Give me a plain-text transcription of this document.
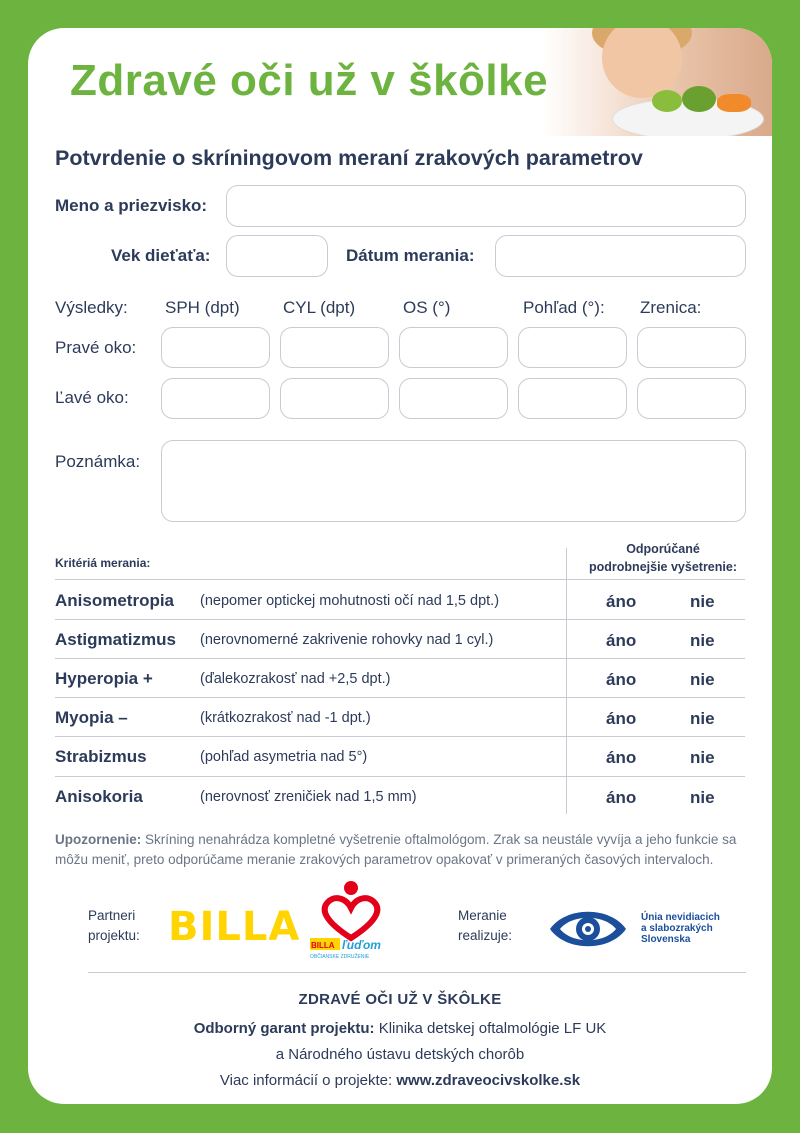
Zdravé oči už v škôlke
Potvrdenie o skríningovom meraní zrakových parametrov
Meno a priezvisko:
Vek dieťaťa:	Dátum merania:
Výsledky: SPH (dpt)	CYL (dpt)	OS (°)	Pohľad (°): Zrenica:
Pravé oko:
Ľavé oko:
Poznámka:
Kritériá merania:
Odporúčané
podrobnejšie vyšetrenie:
Anisometropia (nepomer optickej mohutnosti očí nad 1,5 dpt.)	áno	nie
Astigmatizmus (nerovnomerné zakrivenie rohovky nad 1 cyl.)	áno	nie
Hyperopia +	(ďalekozrakosť nad +2,5 dpt.)	áno	nie
Myopia –	(krátkozrakosť nad -1 dpt.)	áno	nie
Strabizmus	(pohľad asymetria nad 5°)	áno	nie
Anisokoria	(nerovnosť zreničiek nad 1,5 mm)	áno	nie
Upozornenie: Skríning nenahrádza kompletné vyšetrenie oftalmológom. Zrak sa neustále vyvíja a jeho funkcie sa môžu meniť, preto odporúčame meranie zrakových parametrov opakovať v primeraných časových intervaloch.
Partneri
projektu: BILLA BILLA ľuďom
OBČIANSKE ZDRUŽENIE
Meranie
realizuje:
Únia nevidiacich
a slabozrakých
Slovenska
ZDRAVÉ OČI UŽ V ŠKÔLKE
Odborný garant projektu: Klinika detskej oftalmológie LF UK
a Národného ústavu detských chorôb
Viac informácií o projekte: www.zdraveocivskolke.sk
